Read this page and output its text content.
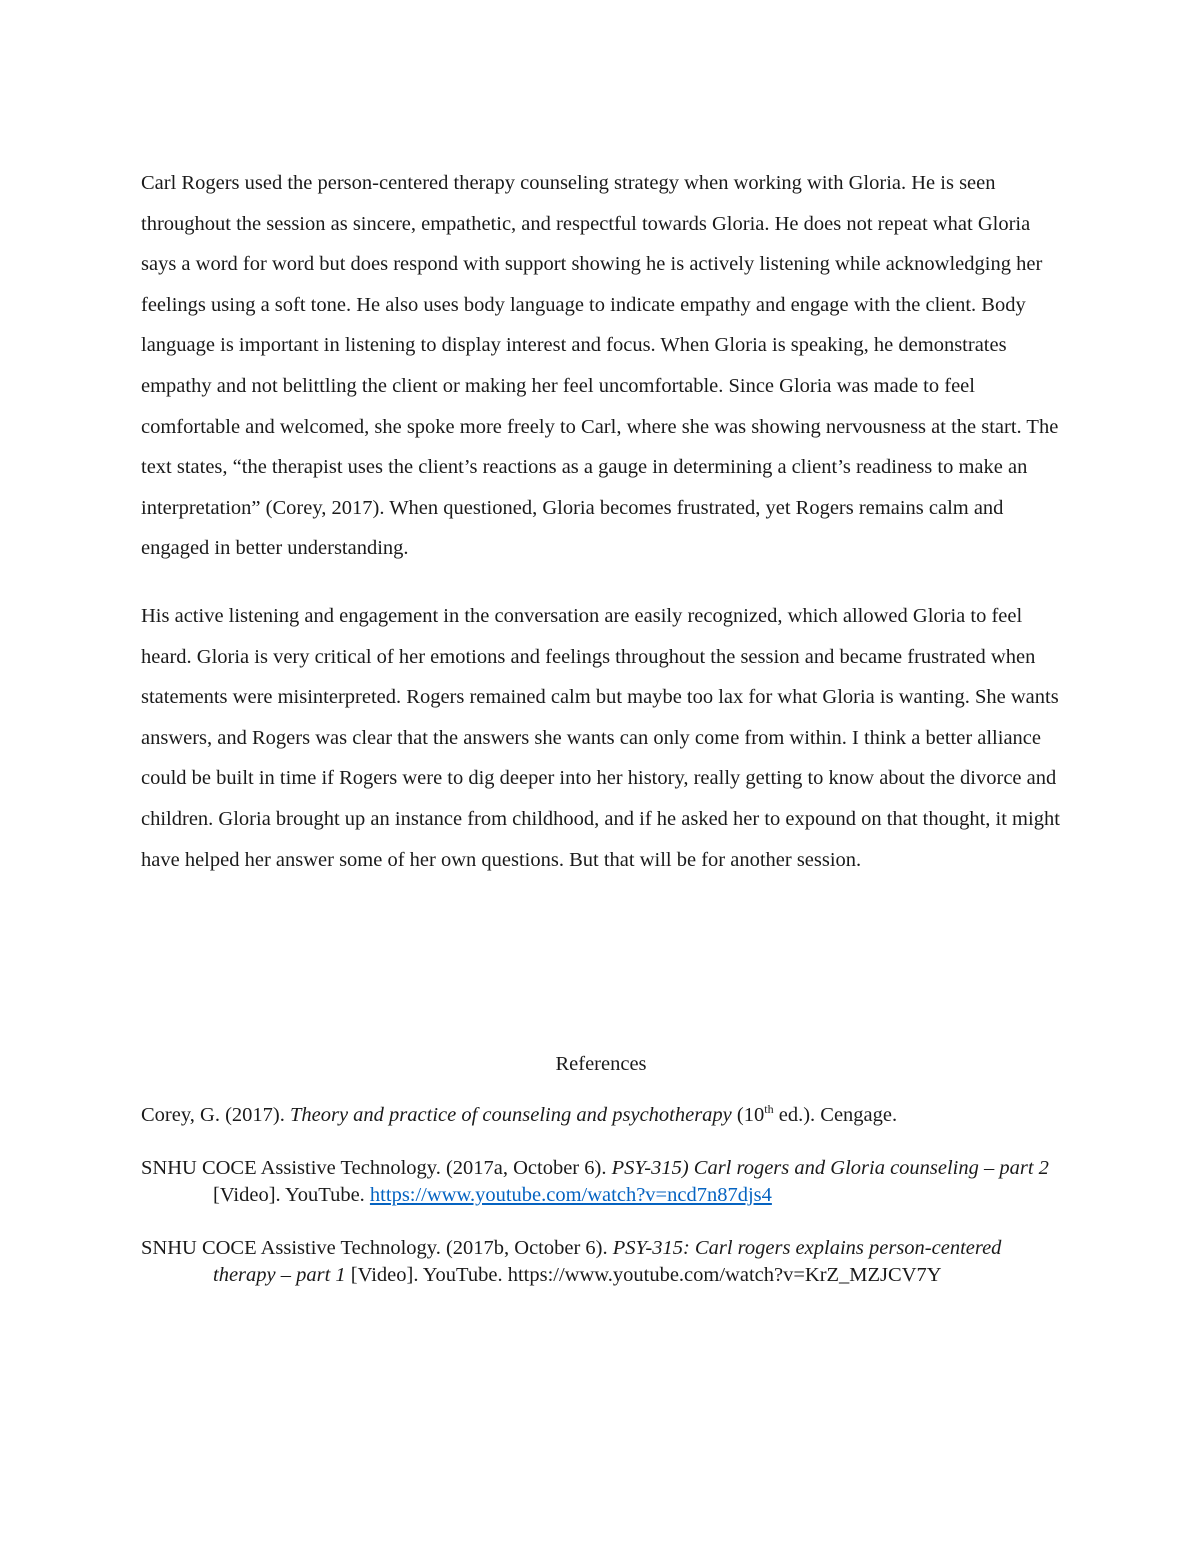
Carl Rogers used the person-centered therapy counseling strategy when working with Gloria. He is seen throughout the session as sincere, empathetic, and respectful towards Gloria. He does not repeat what Gloria says a word for word but does respond with support showing he is actively listening while acknowledging her feelings using a soft tone. He also uses body language to indicate empathy and engage with the client. Body language is important in listening to display interest and focus. When Gloria is speaking, he demonstrates empathy and not belittling the client or making her feel uncomfortable. Since Gloria was made to feel comfortable and welcomed, she spoke more freely to Carl, where she was showing nervousness at the start. The text states, “the therapist uses the client’s reactions as a gauge in determining a client’s readiness to make an interpretation” (Corey, 2017). When questioned, Gloria becomes frustrated, yet Rogers remains calm and engaged in better understanding.

His active listening and engagement in the conversation are easily recognized, which allowed Gloria to feel heard. Gloria is very critical of her emotions and feelings throughout the session and became frustrated when statements were misinterpreted. Rogers remained calm but maybe too lax for what Gloria is wanting. She wants answers, and Rogers was clear that the answers she wants can only come from within. I think a better alliance could be built in time if Rogers were to dig deeper into her history, really getting to know about the divorce and children. Gloria brought up an instance from childhood, and if he asked her to expound on that thought, it might have helped her answer some of her own questions. But that will be for another session.

References

Corey, G. (2017). Theory and practice of counseling and psychotherapy (10th ed.). Cengage.

SNHU COCE Assistive Technology. (2017a, October 6). PSY-315) Carl rogers and Gloria counseling – part 2 [Video]. YouTube. https://www.youtube.com/watch?v=ncd7n87djs4

SNHU COCE Assistive Technology. (2017b, October 6). PSY-315: Carl rogers explains person-centered therapy – part 1 [Video]. YouTube. https://www.youtube.com/watch?v=KrZ_MZJCV7Y
